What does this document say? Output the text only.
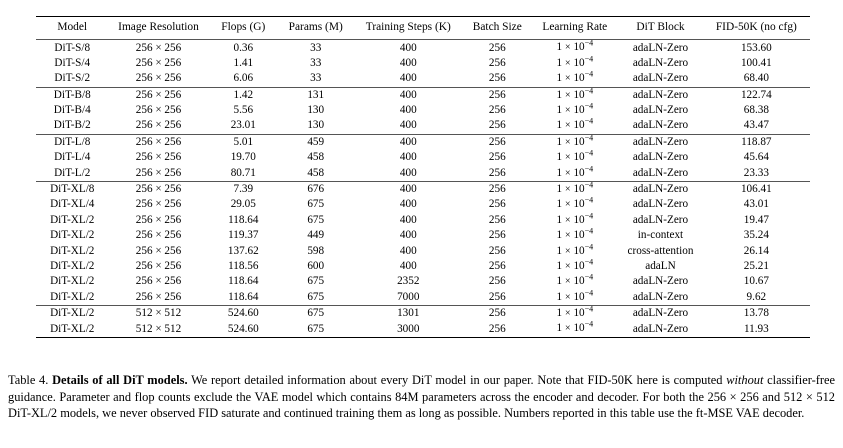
Model	Image Resolution	Flops (G)	Params (M)	Training Steps (K)	Batch Size	Learning Rate	DiT Block	FID-50K (no cfg)
DiT-S/8	256 × 256	0.36	33	400	256	$1 \times 10^{-4}$	adaLN-Zero	153.60
DiT-S/4	256 × 256	1.41	33	400	256	$1 \times 10^{-4}$	adaLN-Zero	100.41
DiT-S/2	256 × 256	6.06	33	400	256	$1 \times 10^{-4}$	adaLN-Zero	68.40
DiT-B/8	256 × 256	1.42	131	400	256	$1 \times 10^{-4}$	adaLN-Zero	122.74
DiT-B/4	256 × 256	5.56	130	400	256	$1 \times 10^{-4}$	adaLN-Zero	68.38
DiT-B/2	256 × 256	23.01	130	400	256	$1 \times 10^{-4}$	adaLN-Zero	43.47
DiT-L/8	256 × 256	5.01	459	400	256	$1 \times 10^{-4}$	adaLN-Zero	118.87
DiT-L/4	256 × 256	19.70	458	400	256	$1 \times 10^{-4}$	adaLN-Zero	45.64
DiT-L/2	256 × 256	80.71	458	400	256	$1 \times 10^{-4}$	adaLN-Zero	23.33
DiT-XL/8	256 × 256	7.39	676	400	256	$1 \times 10^{-4}$	adaLN-Zero	106.41
DiT-XL/4	256 × 256	29.05	675	400	256	$1 \times 10^{-4}$	adaLN-Zero	43.01
DiT-XL/2	256 × 256	118.64	675	400	256	$1 \times 10^{-4}$	adaLN-Zero	19.47
DiT-XL/2	256 × 256	119.37	449	400	256	$1 \times 10^{-4}$	in-context	35.24
DiT-XL/2	256 × 256	137.62	598	400	256	$1 \times 10^{-4}$	cross-attention	26.14
DiT-XL/2	256 × 256	118.56	600	400	256	$1 \times 10^{-4}$	adaLN	25.21
DiT-XL/2	256 × 256	118.64	675	2352	256	$1 \times 10^{-4}$	adaLN-Zero	10.67
DiT-XL/2	256 × 256	118.64	675	7000	256	$1 \times 10^{-4}$	adaLN-Zero	9.62
DiT-XL/2	512 × 512	524.60	675	1301	256	$1 \times 10^{-4}$	adaLN-Zero	13.78
DiT-XL/2	512 × 512	524.60	675	3000	256	$1 \times 10^{-4}$	adaLN-Zero	11.93
Table 4. Details of all DiT models. We report detailed information about every DiT model in our paper. Note that FID-50K here is computed without classifier-free guidance. Parameter and flop counts exclude the VAE model which contains 84M parameters across the encoder and decoder. For both the 256 × 256 and 512 × 512 DiT-XL/2 models, we never observed FID saturate and continued training them as long as possible. Numbers reported in this table use the ft-MSE VAE decoder.
